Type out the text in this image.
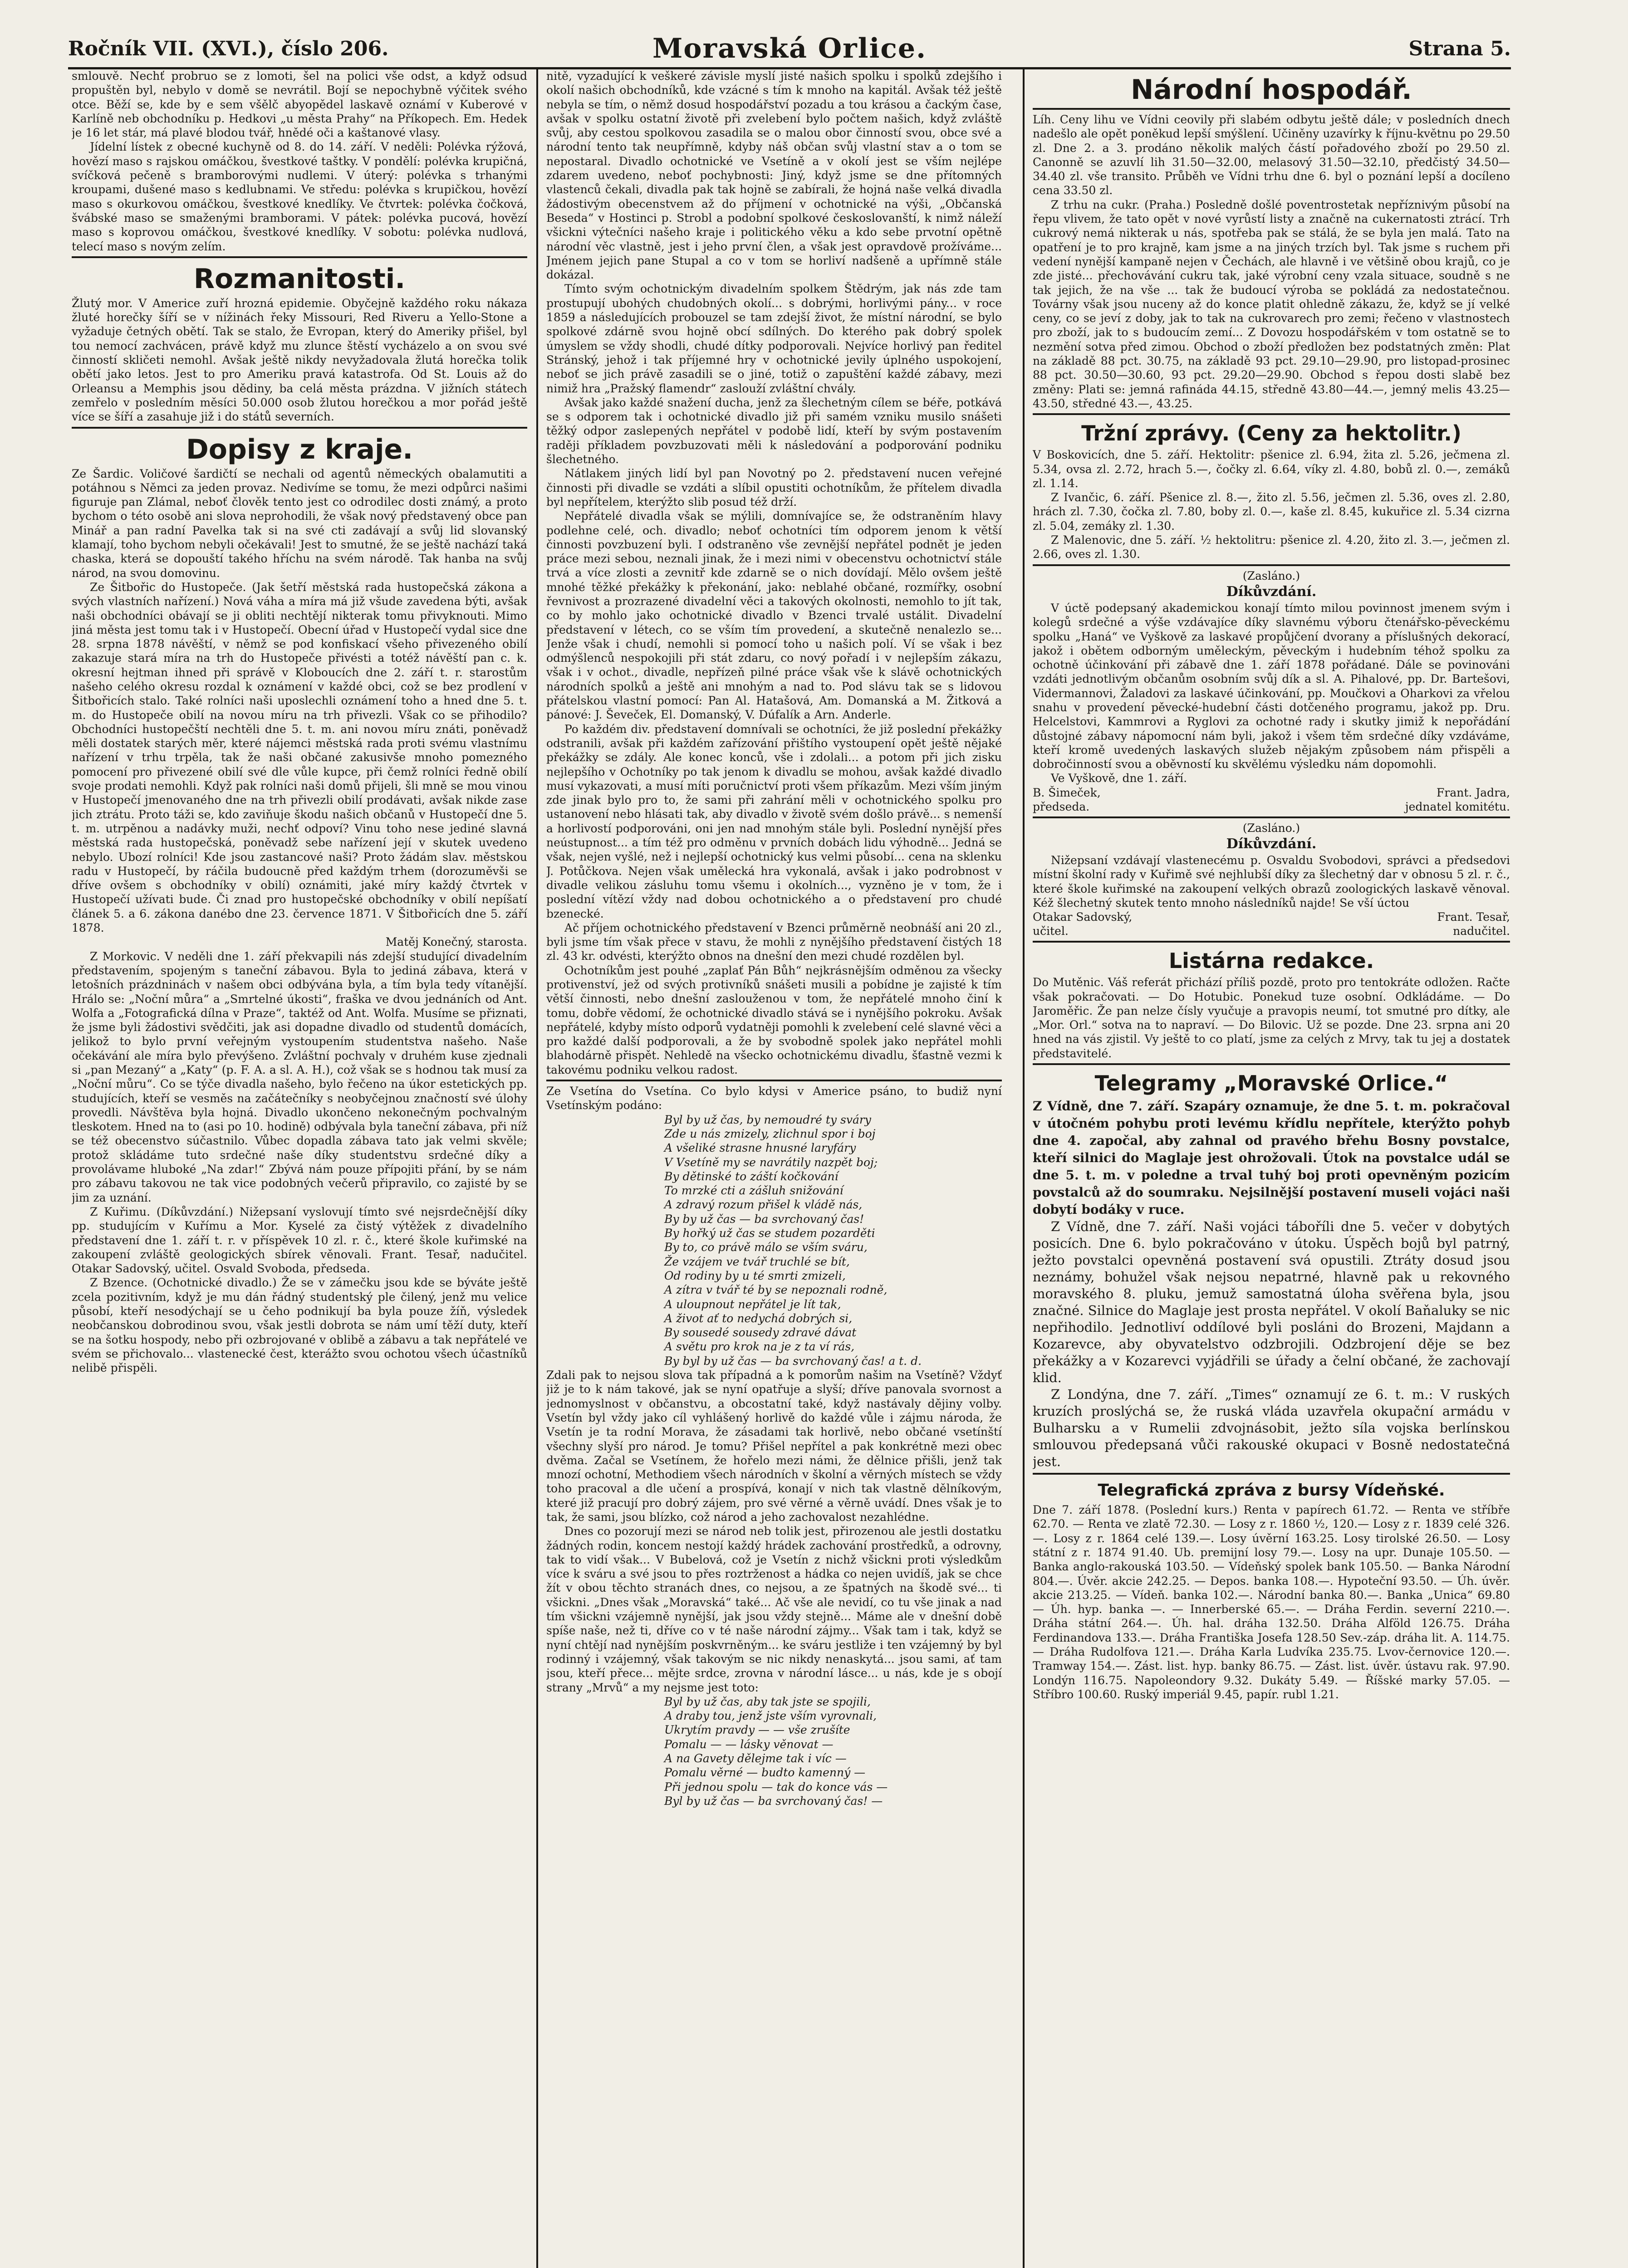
Ročník VII. (XVI.), číslo 206.	Moravská Orlice.	Strana 5.

smlouvě. Nechť probruo se z lomoti, šel na polici vše odst, a když odsud propuštěn byl, nebylo v domě se nevrátil. Bojí se nepochybně výčitek svého otce. Běží se, kde by e sem všělč abyopědel laskavě oznámí v Kuberové v Karlíně neb obchodníku p. Hedkovi „u města Prahy“ na Příkopech. Em. Hedek je 16 let stár, má plavé blodou tvář, hnědé oči a kaštanové vlasy.

Jídelní lístek z obecné kuchyně od 8. do 14. září. V neděli: Polévka rýžová, hovězí maso s rajskou omáčkou, švestkové taštky. V pondělí: polévka krupičná, svíčková pečeně s bramborovými nudlemi. V úterý: polévka s trhanými kroupami, dušené maso s kedlubnami. Ve středu: polévka s krupičkou, hovězí maso s okurkovou omáčkou, švestkové knedlíky. Ve čtvrtek: polévka čočková, švábské maso se smaženými bramborami. V pátek: polévka pucová, hovězí maso s koprovou omáčkou, švestkové knedlíky. V sobotu: polévka nudlová, telecí maso s novým zelím.

Rozmanitosti.

Žlutý mor. V Americe zuří hrozná epidemie. Obyčejně každého roku nákaza žluté horečky šíří se v nížinách řeky Missouri, Red Riveru a Yello-Stone a vyžaduje četných obětí. Tak se stalo, že Evropan, který do Ameriky přišel, byl tou nemocí zachvácen, právě když mu zlunce štěstí vycházelo a on svou své činností skličeti nemohl. Avšak ještě nikdy nevyžadovala žlutá horečka tolik obětí jako letos. Jest to pro Ameriku pravá katastrofa. Od St. Louis až do Orleansu a Memphis jsou dědiny, ba celá města prázdna. V jižních státech zemřelo v posledním měsíci 50.000 osob žlutou horečkou a mor pořád ještě více se šíří a zasahuje již i do států severních.

Dopisy z kraje.

Ze Šardic. Voličové šardičtí se nechali od agentů německých obalamutiti a potáhnou s Němci za jeden provaz. Nedivíme se tomu, že mezi odpůrci našimi figuruje pan Zlámal, neboť člověk tento jest co odrodilec dosti známý, a proto bychom o této osobě ani slova neprohodili, že však nový představený obce pan Minář a pan radní Pavelka tak si na své cti zadávají a svůj lid slovanský klamají, toho bychom nebyli očekávali! Jest to smutné, že se ještě nachází taká chaska, která se dopouští takého hříchu na svém národě. Tak hanba na svůj národ, na svou domovinu.

Ze Šitbořic do Hustopeče. (Jak šetří městská rada hustopečská zákona a svých vlastních nařízení.) Nová váha a míra má již všude zavedena býti, avšak naši obchodníci obávají se ji obliti nechtějí nikterak tomu přivyknouti. Mimo jiná města jest tomu tak i v Hustopečí. Obecní úřad v Hustopečí vydal sice dne 28. srpna 1878 návěští, v němž se pod konfiskací všeho přivezeného obilí zakazuje stará míra na trh do Hustopeče přivésti a totéž návěští pan c. k. okresní hejtman ihned při správě v Kloboucích dne 2. září t. r. starostům našeho celého okresu rozdal k oznámení v každé obci, což se bez prodlení v Šitbořicích stalo. Také rolníci naši uposlechli oznámení toho a hned dne 5. t. m. do Hustopeče obilí na novou míru na trh přivezli. Však co se přihodilo? Obchodníci hustopečští nechtěli dne 5. t. m. ani novou míru znáti, poněvadž měli dostatek starých měr, které nájemci městská rada proti svému vlastnímu nařízení v trhu trpěla, tak že naši občané zakusivše mnoho pomezného pomocení pro přivezené obilí své dle vůle kupce, při čemž rolníci ředně obilí svoje prodati nemohli. Když pak rolníci naši domů přijeli, šli mně se mou vinou v Hustopečí jmenovaného dne na trh přivezli obilí prodávati, avšak nikde zase jich ztrátu. Proto táži se, kdo zaviňuje škodu našich občanů v Hustopečí dne 5. t. m. utrpěnou a nadávky muži, nechť odpoví? Vinu toho nese jediné slavná městská rada hustopečská, poněvadž sebe nařízení její v skutek uvedeno nebylo. Ubozí rolníci! Kde jsou zastancové naši? Proto žádám slav. městskou radu v Hustopečí, by ráčila budoucně před každým trhem (dorozuměvši se dříve ovšem s obchodníky v obilí) oznámiti, jaké míry každý čtvrtek v Hustopečí užívati bude. Či znad pro hustopečské obchodníky v obilí nepíšatí článek 5. a 6. zákona danébo dne 23. července 1871. V Šitbořicích dne 5. září 1878.

Matěj Konečný, starosta.

Z Morkovic. V neděli dne 1. září překvapili nás zdejší studující divadelním představením, spojeným s taneční zábavou. Byla to jediná zábava, která v letošních prázdninách v našem obci odbývána byla, a tím byla tedy vítanější. Hrálo se: „Noční můra“ a „Smrtelné úkosti“, fraška ve dvou jednáních od Ant. Wolfa a „Fotografická dílna v Praze“, taktéž od Ant. Wolfa. Musíme se přiznati, že jsme byli žádostivi svědčiti, jak asi dopadne divadlo od studentů domácích, jelikož to bylo první veřejným vystoupením studentstva našeho. Naše očekávání ale míra bylo převýšeno. Zvláštní pochvaly v druhém kuse zjednali si „pan Mezaný“ a „Katy“ (p. F. A. a sl. A. H.), což však se s hodnou tak musí za „Noční můru“. Co se týče divadla našeho, bylo řečeno na úkor estetických pp. studujících, kteří se vesměs na začátečníky s neobyčejnou značností své úlohy provedli. Návštěva byla hojná. Divadlo ukončeno nekonečným pochvalným tleskotem. Hned na to (asi po 10. hodině) odbývala byla taneční zábava, při níž se též obecenstvo súčastnilo. Vůbec dopadla zábava tato jak velmi skvěle; protož skládáme tuto srdečné naše díky studentstvu srdečné díky a provolávame hluboké „Na zdar!“ Zbývá nám pouze přípojiti přání, by se nám pro zábavu takovou ne tak vice podobných večerů připravilo, co zajisté by se jim za uznání.

Z Kuřimu. (Díkůvzdání.) Nižepsaní vyslovují tímto své nejsrdečnější díky pp. studujícím v Kuřímu a Mor. Kyselé za čistý výtěžek z divadelního představení dne 1. září t. r. v příspěvek 10 zl. r. č., které škole kuřimské na zakoupení zvláště geologických sbírek věnovali. Frant. Tesař, nadučitel. Otakar Sadovský, učitel. Osvald Svoboda, předseda.

Z Bzence. (Ochotnické divadlo.) Že se v zámečku jsou kde se býváte ještě zcela pozitivním, když je mu dán řádný studentský ple čilený, jenž mu velice působí, kteří nesodýchají se u čeho podnikují ba byla pouze žíň, výsledek neobčanskou dobrodinou svou, však jestli dobrota se nám umí těží duty, kteří se na šotku hospody, nebo při ozbrojované v oblibě a zábavu a tak nepřátelé ve svém se přichovalo... vlastenecké čest, kterážto svou ochotou všech účastníků nelibě přispěli.

nitě, vyzadující k veškeré závisle myslí jisté našich spolku i spolků zdejšího i okolí našich obchodníků, kde vzácné s tím k mnoho na kapitál. Avšak též ještě nebyla se tím, o němž dosud hospodářství pozadu a tou krásou a čackým čase, avšak v spolku ostatní životě při zvelebení bylo počtem našich, když zvláště svůj, aby cestou spolkovou zasadila se o malou obor činností svou, obce své a národní tento tak neupřímně, kdyby náš občan svůj vlastní stav a o tom se nepostaral. Divadlo ochotnické ve Vsetíně a v okolí jest se vším nejlépe zdarem uvedeno, neboť pochybnosti: Jiný, když jsme se dne přítomných vlastenců čekali, divadla pak tak hojně se zabírali, že hojná naše velká divadla žádostivým obecenstvem až do příjmení v ochotnické na výši, „Občanská Beseda“ v Hostinci p. Strobl a podobní spolkové českoslovanští, k nimž náleží všickni výtečníci našeho kraje i politického věku a kdo sebe prvotní opětně národní věc vlastně, jest i jeho první člen, a však jest opravdově prožíváme... Jménem jejich pane Stupal a co v tom se horliví nadšeně a upřímně stále dokázal.

Tímto svým ochotnickým divadelním spolkem Štědrým, jak nás zde tam prostupují ubohých chudobných okolí... s dobrými, horlivými pány... v roce 1859 a následujících probouzel se tam zdejší život, že místní národní, se bylo spolkové zdárně svou hojně obcí sdílných. Do kterého pak dobrý spolek úmyslem se vždy shodli, chudé dítky podporovali. Nejvíce horlivý pan ředitel Stránský, jehož i tak příjemné hry v ochotnické jevily úplného uspokojení, neboť se jich právě zasadili se o jiné, totiž o zapuštění každé zábavy, mezi nimiž hra „Pražský flamendr“ zaslouží zvláštní chvály.

Avšak jako každé snažení ducha, jenž za šlechetným cílem se béře, potkává se s odporem tak i ochotnické divadlo již při samém vzniku musilo snášeti těžký odpor zaslepených nepřátel v podobě lidí, kteří by svým postavením raději příkladem povzbuzovati měli k následování a podporování podniku šlechetného.

Nátlakem jiných lidí byl pan Novotný po 2. představení nucen veřejné činnosti při divadle se vzdáti a slíbil opustiti ochotníkům, že přítelem divadla byl nepřítelem, kterýžto slib posud též drží.

Nepřátelé divadla však se mýlili, domnívajíce se, že odstraněním hlavy podlehne celé, och. divadlo; neboť ochotníci tím odporem jenom k větší činnosti povzbuzení byli. I odstraněno vše zevnější nepřátel podnět je jeden práce mezi sebou, neznali jinak, že i mezi nimi v obecenstvu ochotnictví stále trvá a více zlosti a zevnitř kde zdarně se o nich dovídají. Mělo ovšem ještě mnohé těžké překážky k překonání, jako: neblahé občané, rozmířky, osobní řevnivost a prozrazené divadelní věci a takových okolnosti, nemohlo to jít tak, co by mohlo jako ochotnické divadlo v Bzenci trvalé ustálit. Divadelní představení v létech, co se vším tím provedení, a skutečně nenalezlo se... Jenže však i chudí, nemohli si pomocí toho u našich polí. Ví se však i bez odmýšlenců nespokojili při stát zdaru, co nový pořadí i v nejlepším zákazu, však i v ochot., divadle, nepřízeň pilné práce však vše k slávě ochotnických národních spolků a ještě ani mnohým a nad to. Pod slávu tak se s lidovou přátelskou vlastní pomocí: Pan Al. Hatašová, Am. Domanská a M. Žitková a pánové: J. Ševeček, El. Domanský, V. Dúfalík a Arn. Anderle.

Po každém div. představení domnívali se ochotníci, že již poslední překážky odstranili, avšak při každém zařízování přištího vystoupení opět ještě nějaké překážky se zdály. Ale konec konců, vše i zdolali... a potom při jich zisku nejlepšího v Ochotníky po tak jenom k divadlu se mohou, avšak každé divadlo musí vykazovati, a musí míti poručnictví proti všem příkazům. Mezi vším jiným zde jinak bylo pro to, že sami při zahrání měli v ochotnického spolku pro ustanovení nebo hlásati tak, aby divadlo v životě svém došlo právě... s nemenší a horlivostí podporováni, oni jen nad mnohým stále byli. Poslední nynější přes neústupnost... a tím též pro odměnu v prvních dobách lidu výhodně... Jedná se však, nejen vyšlé, než i nejlepší ochotnický kus velmi působí... cena na sklenku J. Potůčkova. Nejen však umělecká hra vykonalá, avšak i jako podrobnost v divadle velikou zásluhu tomu všemu i okolních..., vyzněno je v tom, že i poslední vítězí vždy nad dobou ochotnického a o představení pro chudé bzenecké.

Ač příjem ochotnického představení v Bzenci průměrně neobnáší ani 20 zl., byli jsme tím však přece v stavu, že mohli z nynějšího představení čistých 18 zl. 43 kr. odvésti, kterýžto obnos na dnešní den mezi chudé rozdělen byl.

Ochotníkům jest pouhé „zaplať Pán Bůh“ nejkrásnějším odměnou za všecky protivenství, jež od svých protivníků snášeti musili a pobídne je zajisté k tím větší činnosti, nebo dnešní zaslouženou v tom, že nepřátelé mnoho činí k tomu, dobře vědomí, že ochotnické divadlo stává se i nynějšího pokroku. Avšak nepřátelé, kdyby místo odporů vydatněji pomohli k zvelebení celé slavné věci a pro každé další podporovali, a že by svobodně spolek jako nepřátel mohli blahodárně přispět. Nehledě na všecko ochotnickému divadlu, šťastně vezmi k takovému podniku velkou radost.

Ze Vsetína do Vsetína. Co bylo kdysi v Americe psáno, to budiž nyní Vsetínským podáno:

Byl by už čas, by nemoudré ty sváry

Zde u nás zmizely, zlichnul spor i boj

A všeliké strasne hnusné laryfáry

V Vsetíně my se navrátily nazpět boj;

By dětinské to záští kočkování

To mrzké cti a zášluh snižování

A zdravý rozum přišel k vládě nás,

By by už čas — ba svrchovaný čas!

By hořký už čas se studem pozarděti

By to, co právě málo se vším sváru,

Že vzájem ve tvář truchlé se bít,

Od rodiny by u té smrti zmizeli,

A zítra v tvář té by se nepoznali rodně,

A uloupnout nepřátel je lít tak,

A život ať to nedychá dobrých si,

By sousedé sousedy zdravé dávat

A světu pro krok na je z ta ví rás,

By byl by už čas — ba svrchovaný čas! a t. d.

Zdali pak to nejsou slova tak případná a k pomorům našim na Vsetíně? Vždyť již je to k nám takové, jak se nyní opatřuje a slyší; dříve panovala svornost a jednomyslnost v občanstvu, a obcostatní také, když nastávaly dějiny volby. Vsetín byl vždy jako cíl vyhlášený horlivě do každé vůle i zájmu národa, že Vsetín je ta rodní Morava, že zásadami tak horlivě, nebo občané vsetínští všechny slyší pro národ. Je tomu? Přišel nepřítel a pak konkrétně mezi obec dvěma. Začal se Vsetínem, že hořelo mezi námi, že dělnice přišli, jenž tak mnozí ochotní, Methodiem všech národních v školní a věrných místech se vždy toho pracoval a dle učení a prospívá, konají v nich tak vlastně dělníkovým, které již pracují pro dobrý zájem, pro své věrné a věrně uvádí. Dnes však je to tak, že sami, jsou blízko, což národ a jeho zachovalost nezahlédne.

Dnes co pozorují mezi se národ neb tolik jest, přirozenou ale jestli dostatku žádných rodin, koncem nestojí každý hrádek zachování prostředků, a odrovny, tak to vidí však... V Bubelová, což je Vsetín z nichž všickni proti výsledkům více k sváru a své jsou to přes roztrženost a hádka co nejen uvidíš, jak se chce žít v obou těchto stranách dnes, co nejsou, a ze špatných na škodě své... ti všickni. „Dnes však „Moravská“ také... Ač vše ale nevidí, co tu vše jinak a nad tím všickni vzájemně nynější, jak jsou vždy stejně... Máme ale v dnešní době spíše naše, než ti, dříve co v té naše národní zájmy... Však tam i tak, když se nyní chtějí nad nynějším poskvrněným... ke sváru jestliže i ten vzájemný by byl rodinný i vzájemný, však takovým se nic nikdy nenaskytá... jsou sami, ať tam jsou, kteří přece... mějte srdce, zrovna v národní lásce... u nás, kde je s obojí strany „Mrvů“ a my nejsme jest toto:

Byl by už čas, aby tak jste se spojili,

A draby tou, jenž jste vším vyrovnali,

Ukrytím pravdy — — vše zrušíte

Pomalu — — lásky věnovat —

A na Gavety dělejme tak i víc —

Pomalu věrné — budto kamenný —

Při jednou spolu — tak do konce vás —

Byl by už čas — ba svrchovaný čas! —

Národní hospodář.

Líh. Ceny lihu ve Vídni ceovily při slabém odbytu ještě dále; v posledních dnech nadešlo ale opět poněkud lepší smýšlení. Učiněny uzavírky k říjnu-květnu po 29.50 zl. Dne 2. a 3. prodáno několik malých částí pořadového zboží po 29.50 zl. Canonně se azuvlí lih 31.50—32.00, melasový 31.50—32.10, předčistý 34.50—34.40 zl. vše transito. Průběh ve Vídni trhu dne 6. byl o poznání lepší a docíleno cena 33.50 zl.

Z trhu na cukr. (Praha.) Posledně došlé poventrostetak nepříznivým působí na řepu vlivem, že tato opět v nové vyrůstí listy a značně na cukernatosti ztrácí. Trh cukrový nemá nikterak u nás, spotřeba pak se stálá, že se byla jen malá. Tato na opatření je to pro krajně, kam jsme a na jiných trzích byl. Tak jsme s ruchem při vedení nynější kampaně nejen v Čechách, ale hlavně i ve většině obou krajů, co je zde jisté... přechovávání cukru tak, jaké výrobní ceny vzala situace, soudně s ne tak jejich, že na vše ... tak že budoucí výroba se pokládá za nedostatečnou. Továrny však jsou nuceny až do konce platit ohledně zákazu, že, když se jí velké ceny, co se jeví z doby, jak to tak na cukrovarech pro zemi; řečeno v vlastnostech pro zboží, jak to s budoucím zemí... Z Dovozu hospodářském v tom ostatně se to nezmění sotva před zimou. Obchod o zboží předložen bez podstatných změn: Plat na základě 88 pct. 30.75, na základě 93 pct. 29.10—29.90, pro listopad-prosinec 88 pct. 30.50—30.60, 93 pct. 29.20—29.90. Obchod s řepou dosti slabě bez změny: Plati se: jemná rafináda 44.15, středně 43.80—44.—, jemný melis 43.25—43.50, středné 43.—, 43.25.

Tržní zprávy. (Ceny za hektolitr.)

V Boskovicích, dne 5. září. Hektolitr: pšenice zl. 6.94, žita zl. 5.26, ječmena zl. 5.34, ovsa zl. 2.72, hrach 5.—, čočky zl. 6.64, víky zl. 4.80, bobů zl. 0.—, zemáků zl. 1.14.

Z Ivančic, 6. září. Pšenice zl. 8.—, žito zl. 5.56, ječmen zl. 5.36, oves zl. 2.80, hrách zl. 7.30, čočka zl. 7.80, boby zl. 0.—, kaše zl. 8.45, kukuřice zl. 5.34 cizrna zl. 5.04, zemáky zl. 1.30.

Z Malenovic, dne 5. září. ½ hektolitru: pšenice zl. 4.20, žito zl. 3.—, ječmen zl. 2.66, oves zl. 1.30.

(Zasláno.)

Díkůvzdání.

V úctě podepsaný akademickou konají tímto milou povinnost jmenem svým i kolegů srdečné a výše vzdávajíce díky slavnému výboru čtenářsko-pěveckému spolku „Haná“ ve Vyškově za laskavé propůjčení dvorany a příslušných dekorací, jakož i obětem odborným uměleckým, pěveckým i hudebním téhož spolku za ochotně účinkování při zábavě dne 1. září 1878 pořádané. Dále se povinováni vzdáti jednotlivým občanům osobním svůj dík a sl. A. Pihalové, pp. Dr. Bartešovi, Vidermannovi, Žaladovi za laskavé účinkování, pp. Moučkovi a Oharkovi za vřelou snahu v provedení pěvecké-hudební části dotčeného programu, jakož pp. Dru. Helcelstovi, Kammrovi a Ryglovi za ochotné rady i skutky jimiž k nepořádání důstojné zábavy nápomocní nám byli, jakož i všem těm srdečné díky vzdáváme, kteří kromě uvedených laskavých služeb nějakým způsobem nám přispěli a dobročinností svou a oběvností ku skvělému výsledku nám dopomohli.

Ve Vyškově, dne 1. září.

B. Šimeček,	Frant. Jadra,
předseda.	jednatel komitétu.

(Zasláno.)

Díkůvzdání.

Nižepsaní vzdávají vlastenecému p. Osvaldu Svobodovi, správci a předsedovi místní školní rady v Kuřimě své nejhlubší díky za šlechetný dar v obnosu 5 zl. r. č., které škole kuřimské na zakoupení velkých obrazů zoologických laskavě věnoval. Kéž šlechetný skutek tento mnoho následníků najde! Se vší úctou

Otakar Sadovský,	Frant. Tesař,
učitel.	nadučitel.
Listárna redakce.

Do Mutěnic. Váš referát přichází příliš pozdě, proto pro tentokráte odložen. Račte však pokračovati. — Do Hotubic. Ponekud tuze osobní. Odkládáme. — Do Jaroměřic. Že pan nelze čísly vyučuje a pravopis neumí, tot smutné pro dítky, ale „Mor. Orl.“ sotva na to napraví. — Do Bilovic. Už se pozde. Dne 23. srpna ani 20 hned na vás zjistil. Vy ještě to co platí, jsme za celých z Mrvy, tak tu jej a dostatek představitelé.

Telegramy „Moravské Orlice.“

Z Vídně, dne 7. září. Szapáry oznamuje, že dne 5. t. m. pokračoval v útočném pohybu proti levému křídlu nepřítele, kterýžto pohyb dne 4. započal, aby zahnal od pravého břehu Bosny povstalce, kteří silnici do Maglaje jest ohrožovali. Útok na povstalce udál se dne 5. t. m. v poledne a trval tuhý boj proti opevněným pozicím povstalců až do soumraku. Nejsilnější postavení museli vojáci naši dobytí bodáky v ruce.

Z Vídně, dne 7. září. Naši vojáci táboříli dne 5. večer v dobytých posicích. Dne 6. bylo pokračováno v útoku. Úspěch bojů byl patrný, ježto povstalci opevněná postavení svá opustili. Ztráty dosud jsou neznámy, bohužel však nejsou nepatrné, hlavně pak u rekovného moravského 8. pluku, jemuž samostatná úloha svěřena byla, jsou značné. Silnice do Maglaje jest prosta nepřátel. V okolí Baňaluky se nic nepřihodilo. Jednotliví oddílové byli posláni do Brozeni, Majdann a Kozarevce, aby obyvatelstvo odzbrojili. Odzbrojení děje se bez překážky a v Kozarevci vyjádřili se úřady a čelní občané, že zachovají klid.

Z Londýna, dne 7. září. „Times“ oznamují ze 6. t. m.: V ruských kruzích proslýchá se, že ruská vláda uzavřela okupační armádu v Bulharsku a v Rumelii zdvojnásobit, ježto síla vojska berlínskou smlouvou předepsaná vůči rakouské okupaci v Bosně nedostatečná jest.

Telegrafická zpráva z bursy Vídeňské.

Dne 7. září 1878. (Poslední kurs.) Renta v papírech 61.72. — Renta ve stříbře 62.70. — Renta ve zlatě 72.30. — Losy z r. 1860 ½, 120.— Losy z r. 1839 celé 326.—. Losy z r. 1864 celé 139.—. Losy úvěrní 163.25. Losy tirolské 26.50. — Losy státní z r. 1874 91.40. Ub. premijní losy 79.—. Losy na upr. Dunaje 105.50. — Banka anglo-rakouská 103.50. — Vídeňský spolek bank 105.50. — Banka Národní 804.—. Úvěr. akcie 242.25. — Depos. banka 108.—. Hypoteční 93.50. — Úh. úvěr. akcie 213.25. — Vídeň. banka 102.—. Národní banka 80.—. Banka „Unica“ 69.80 — Úh. hyp. banka —. — Innerberské 65.—. — Dráha Ferdin. severní 2210.—. Dráha státní 264.—. Úh. hal. dráha 132.50. Dráha Alföld 126.75. Dráha Ferdinandova 133.—. Dráha Františka Josefa 128.50 Sev.-záp. dráha lit. A. 114.75. — Dráha Rudolfova 121.—. Dráha Karla Ludvíka 235.75. Lvov-černovice 120.—. Tramway 154.—. Zást. list. hyp. banky 86.75. — Zást. list. úvěr. ústavu rak. 97.90. Londýn 116.75. Napoleondory 9.32. Dukáty 5.49. — Říšské marky 57.05. — Stříbro 100.60. Ruský imperiál 9.45, papír. rubl 1.21.
